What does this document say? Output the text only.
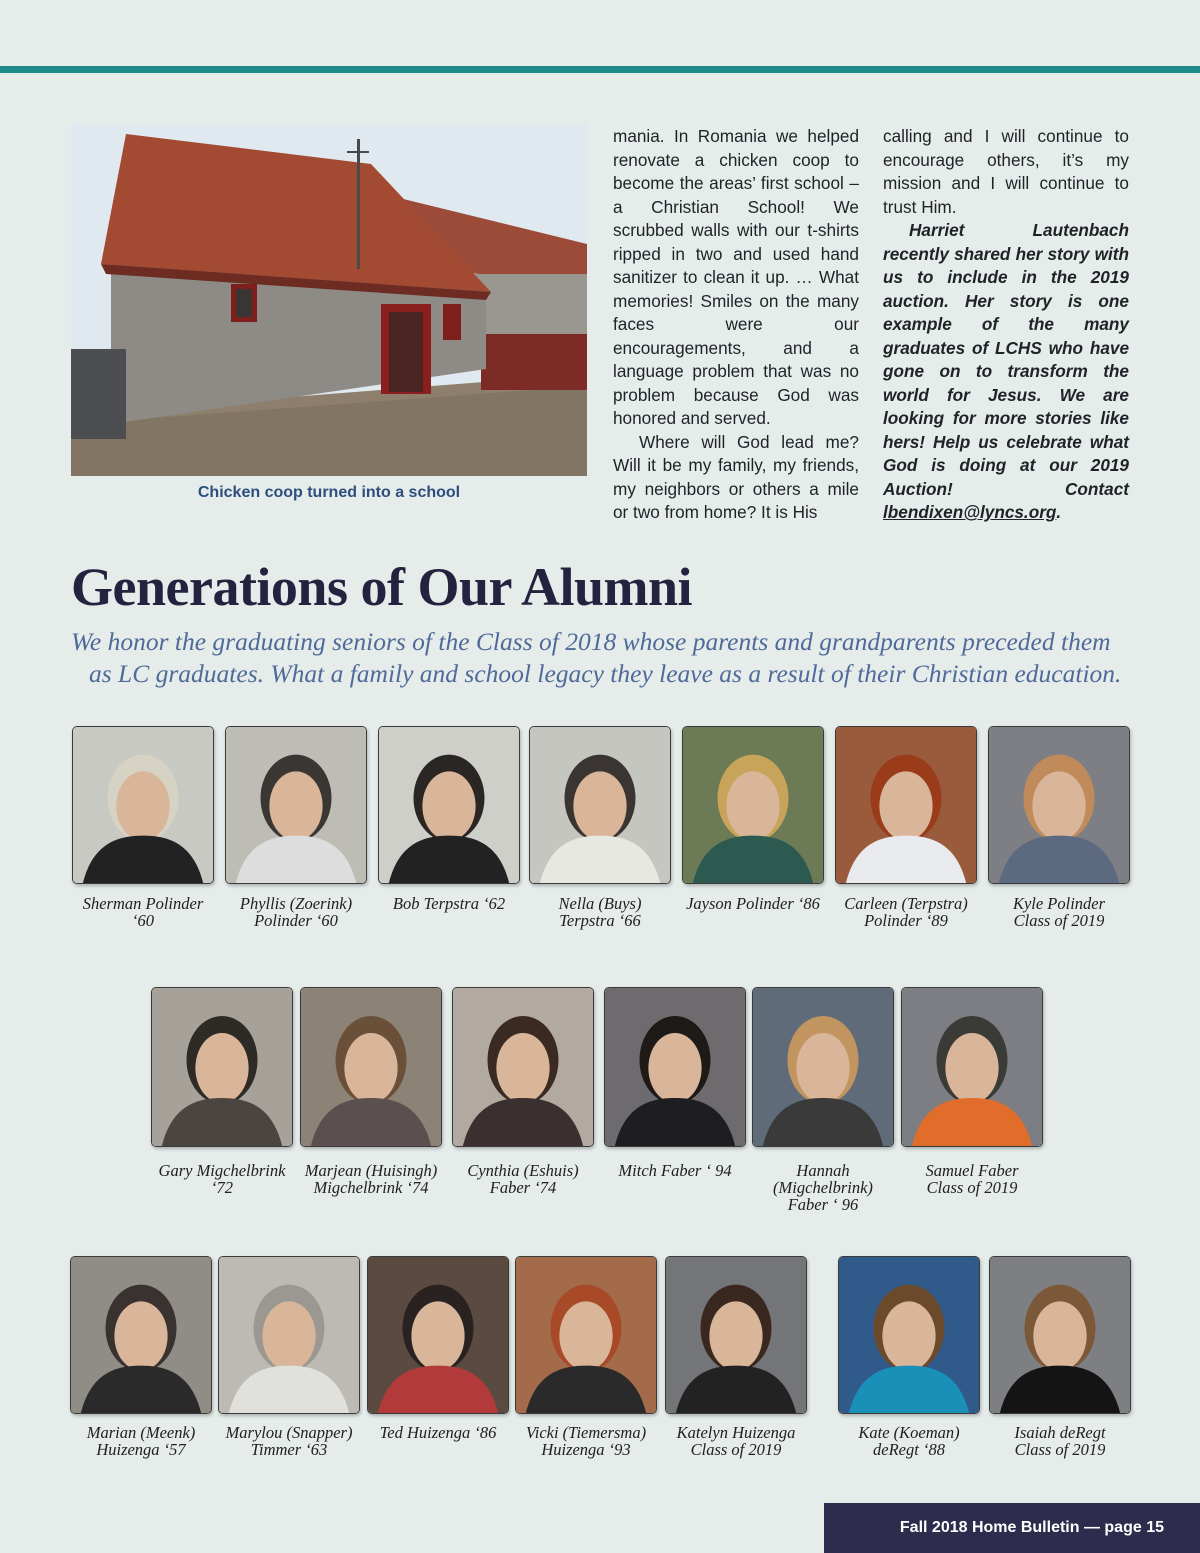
Chicken coop turned into a school

mania. In Romania we helped renovate a chicken coop to become the areas’ first school – a Christian School! We scrubbed walls with our t-shirts ripped in two and used hand sanitizer to clean it up. … What memories! Smiles on the many faces were our encouragements, and a language problem that was no problem because God was honored and served.

Where will God lead me? Will it be my family, my friends, my neighbors or others a mile or two from home? It is His

calling and I will continue to encourage others, it’s my mission and I will continue to trust Him.

Harriet Lautenbach recently shared her story with us to include in the 2019 auction. Her story is one example of the many graduates of LCHS who have gone on to transform the world for Jesus. We are looking for more stories like hers! Help us celebrate what God is doing at our 2019 Auction! Contact lbendixen@lyncs.org.

Generations of Our Alumni
We honor the graduating seniors of the Class of 2018 whose parents and grandparents preceded them
as LC graduates. What a family and school legacy they leave as a result of their Christian education.
Sherman Polinder
‘60
Phyllis (Zoerink)
Polinder ‘60
Bob Terpstra ‘62	Nella (Buys)
Terpstra ‘66
Jayson Polinder ‘86	Carleen (Terpstra)
Polinder ‘89
Kyle Polinder
Class of 2019
Gary Migchelbrink
‘72
Marjean (Huisingh)
Migchelbrink ‘74
Cynthia (Eshuis)
Faber ‘74
Mitch Faber ‘ 94	Hannah
(Migchelbrink)
Faber ‘ 96
Samuel Faber
Class of 2019
Marian (Meenk)
Huizenga ‘57
Marylou (Snapper)
Timmer ‘63
Ted Huizenga ‘86	Vicki (Tiemersma)
Huizenga ‘93
Katelyn Huizenga
Class of 2019
Kate (Koeman)
deRegt ‘88
Isaiah deRegt
Class of 2019
Fall 2018 Home Bulletin — page 15
